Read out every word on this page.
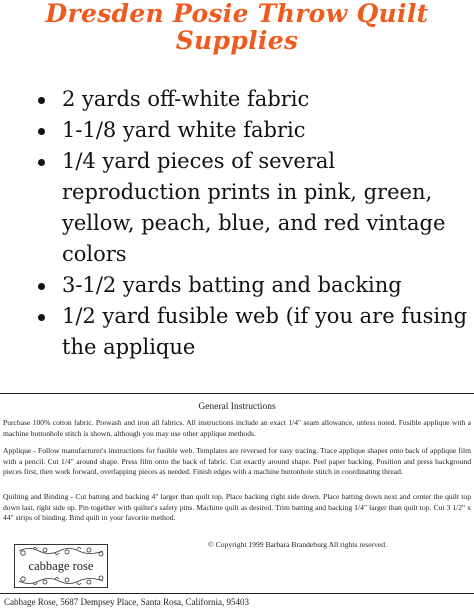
Dresden Posie Throw Quilt
Supplies
2 yards off-white fabric
1-1/8 yard white fabric
1/4 yard pieces of several reproduction prints in pink, green, yellow, peach, blue, and red vintage colors
3-1/2 yards batting and backing
1/2 yard fusible web (if you are fusing the applique
General Instructions

Purchase 100% cotton fabric. Prewash and iron all fabrics. All instructions include an exact 1/4" seam allowance, unless noted. Fusible applique with a machine buttonhole stitch is shown, although you may use other applique methods.

Applique - Follow manufacturer's instructions for fusible web. Templates are reversed for easy tracing. Trace applique shapes onto back of applique film with a pencil. Cut 1/4" around shape. Press film onto the back of fabric. Cut exactly around shape. Peel paper backing. Position and press background pieces first, then work forward, overlapping pieces as needed. Finish edges with a machine buttonhole stitch in coordinating thread.

Quilting and Binding - Cut batting and backing 4" larger than quilt top. Place backing right side down. Place batting down next and center the quilt top down last, right side up. Pin together with quilter's safety pins. Machine quilt as desired. Trim batting and backing 1/4" larger than quilt top. Cut 3 1/2" x 44" strips of binding. Bind quilt in your favorite method.

© Copyright 1999 Barbara Brandeburg All rights reserved.
cabbage rose
Cabbage Rose, 5687 Dempsey Place, Santa Rosa, California, 95403
